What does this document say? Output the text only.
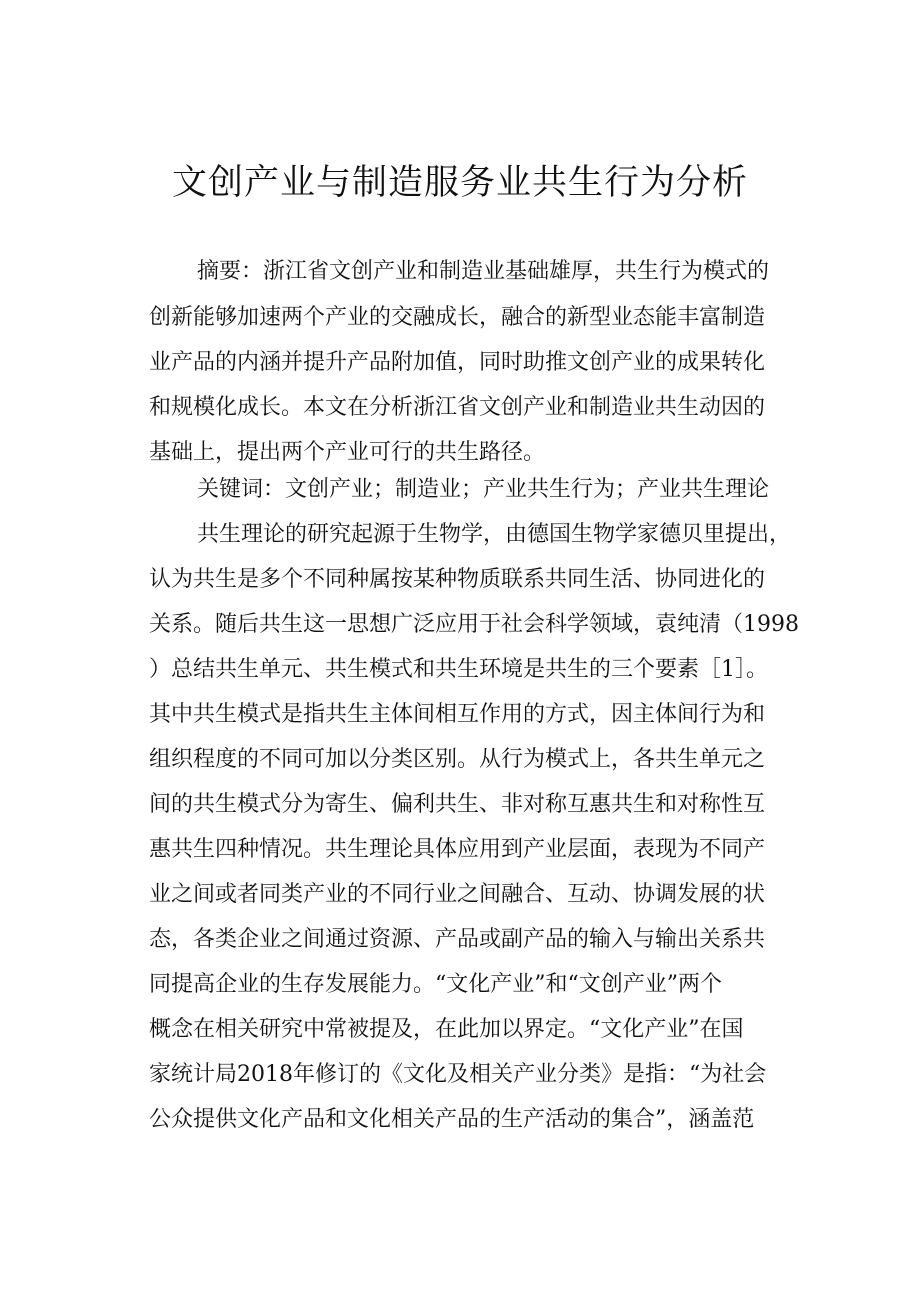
文创产业与制造服务业共生行为分析
摘要：浙江省文创产业和制造业基础雄厚，共生行为模式的
创新能够加速两个产业的交融成长，融合的新型业态能丰富制造
业产品的内涵并提升产品附加值，同时助推文创产业的成果转化
和规模化成长。本文在分析浙江省文创产业和制造业共生动因的
基础上，提出两个产业可行的共生路径。
关键词：文创产业；制造业；产业共生行为；产业共生理论
共生理论的研究起源于生物学，由德国生物学家德贝里提出，
认为共生是多个不同种属按某种物质联系共同生活、协同进化的
关系。随后共生这一思想广泛应用于社会科学领域，袁纯清（1998
）总结共生单元、共生模式和共生环境是共生的三个要素［1］。
其中共生模式是指共生主体间相互作用的方式，因主体间行为和
组织程度的不同可加以分类区别。从行为模式上，各共生单元之
间的共生模式分为寄生、偏利共生、非对称互惠共生和对称性互
惠共生四种情况。共生理论具体应用到产业层面，表现为不同产
业之间或者同类产业的不同行业之间融合、互动、协调发展的状
态，各类企业之间通过资源、产品或副产品的输入与输出关系共
同提高企业的生存发展能力。“文化产业”和“文创产业”两个
概念在相关研究中常被提及，在此加以界定。“文化产业”在国
家统计局2018年修订的《文化及相关产业分类》是指：“为社会
公众提供文化产品和文化相关产品的生产活动的集合”，涵盖范
